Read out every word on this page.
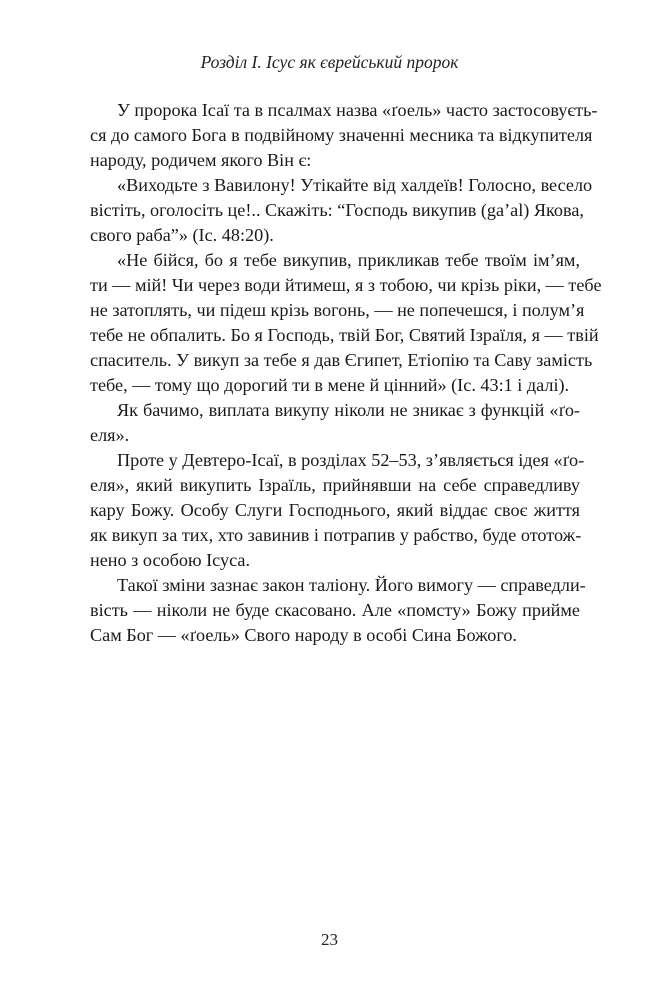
Розділ I. Ісус як єврейський пророк
У пророка Ісаї та в псалмах назва «ґоель» часто застосовуєть-
ся до самого Бога в подвійному значенні месника та відкупителя
народу, родичем якого Він є:
«Виходьте з Вавилону! Утікайте від халдеїв! Голосно, весело
вістіть, оголосіть це!.. Скажіть: “Господь викупив (ga’al) Якова,
свого раба”» (Іс. 48:20).
«Не бійся, бо я тебе викупив, прикликав тебе твоїм ім’ям,
ти — мій! Чи через води йтимеш, я з тобою, чи крізь ріки, — тебе
не затоплять, чи підеш крізь вогонь, — не попечешся, і полум’я
тебе не обпалить. Бо я Господь, твій Бог, Святий Ізраїля, я — твій
спаситель. У викуп за тебе я дав Єгипет, Етіопію та Саву замість
тебе, — тому що дорогий ти в мене й цінний» (Іс. 43:1 і далі).
Як бачимо, виплата викупу ніколи не зникає з функцій «ґо-
еля».
Проте у Девтеро-Ісаї, в розділах 52–53, з’являється ідея «ґо-
еля», який викупить Ізраїль, прийнявши на себе справедливу
кару Божу. Особу Слуги Господнього, який віддає своє життя
як викуп за тих, хто завинив і потрапив у рабство, буде ототож-
нено з особою Ісуса.
Такої зміни зазнає закон таліону. Його вимогу — справедли-
вість — ніколи не буде скасовано. Але «помсту» Божу прийме
Сам Бог — «ґоель» Свого народу в особі Сина Божого.
23
